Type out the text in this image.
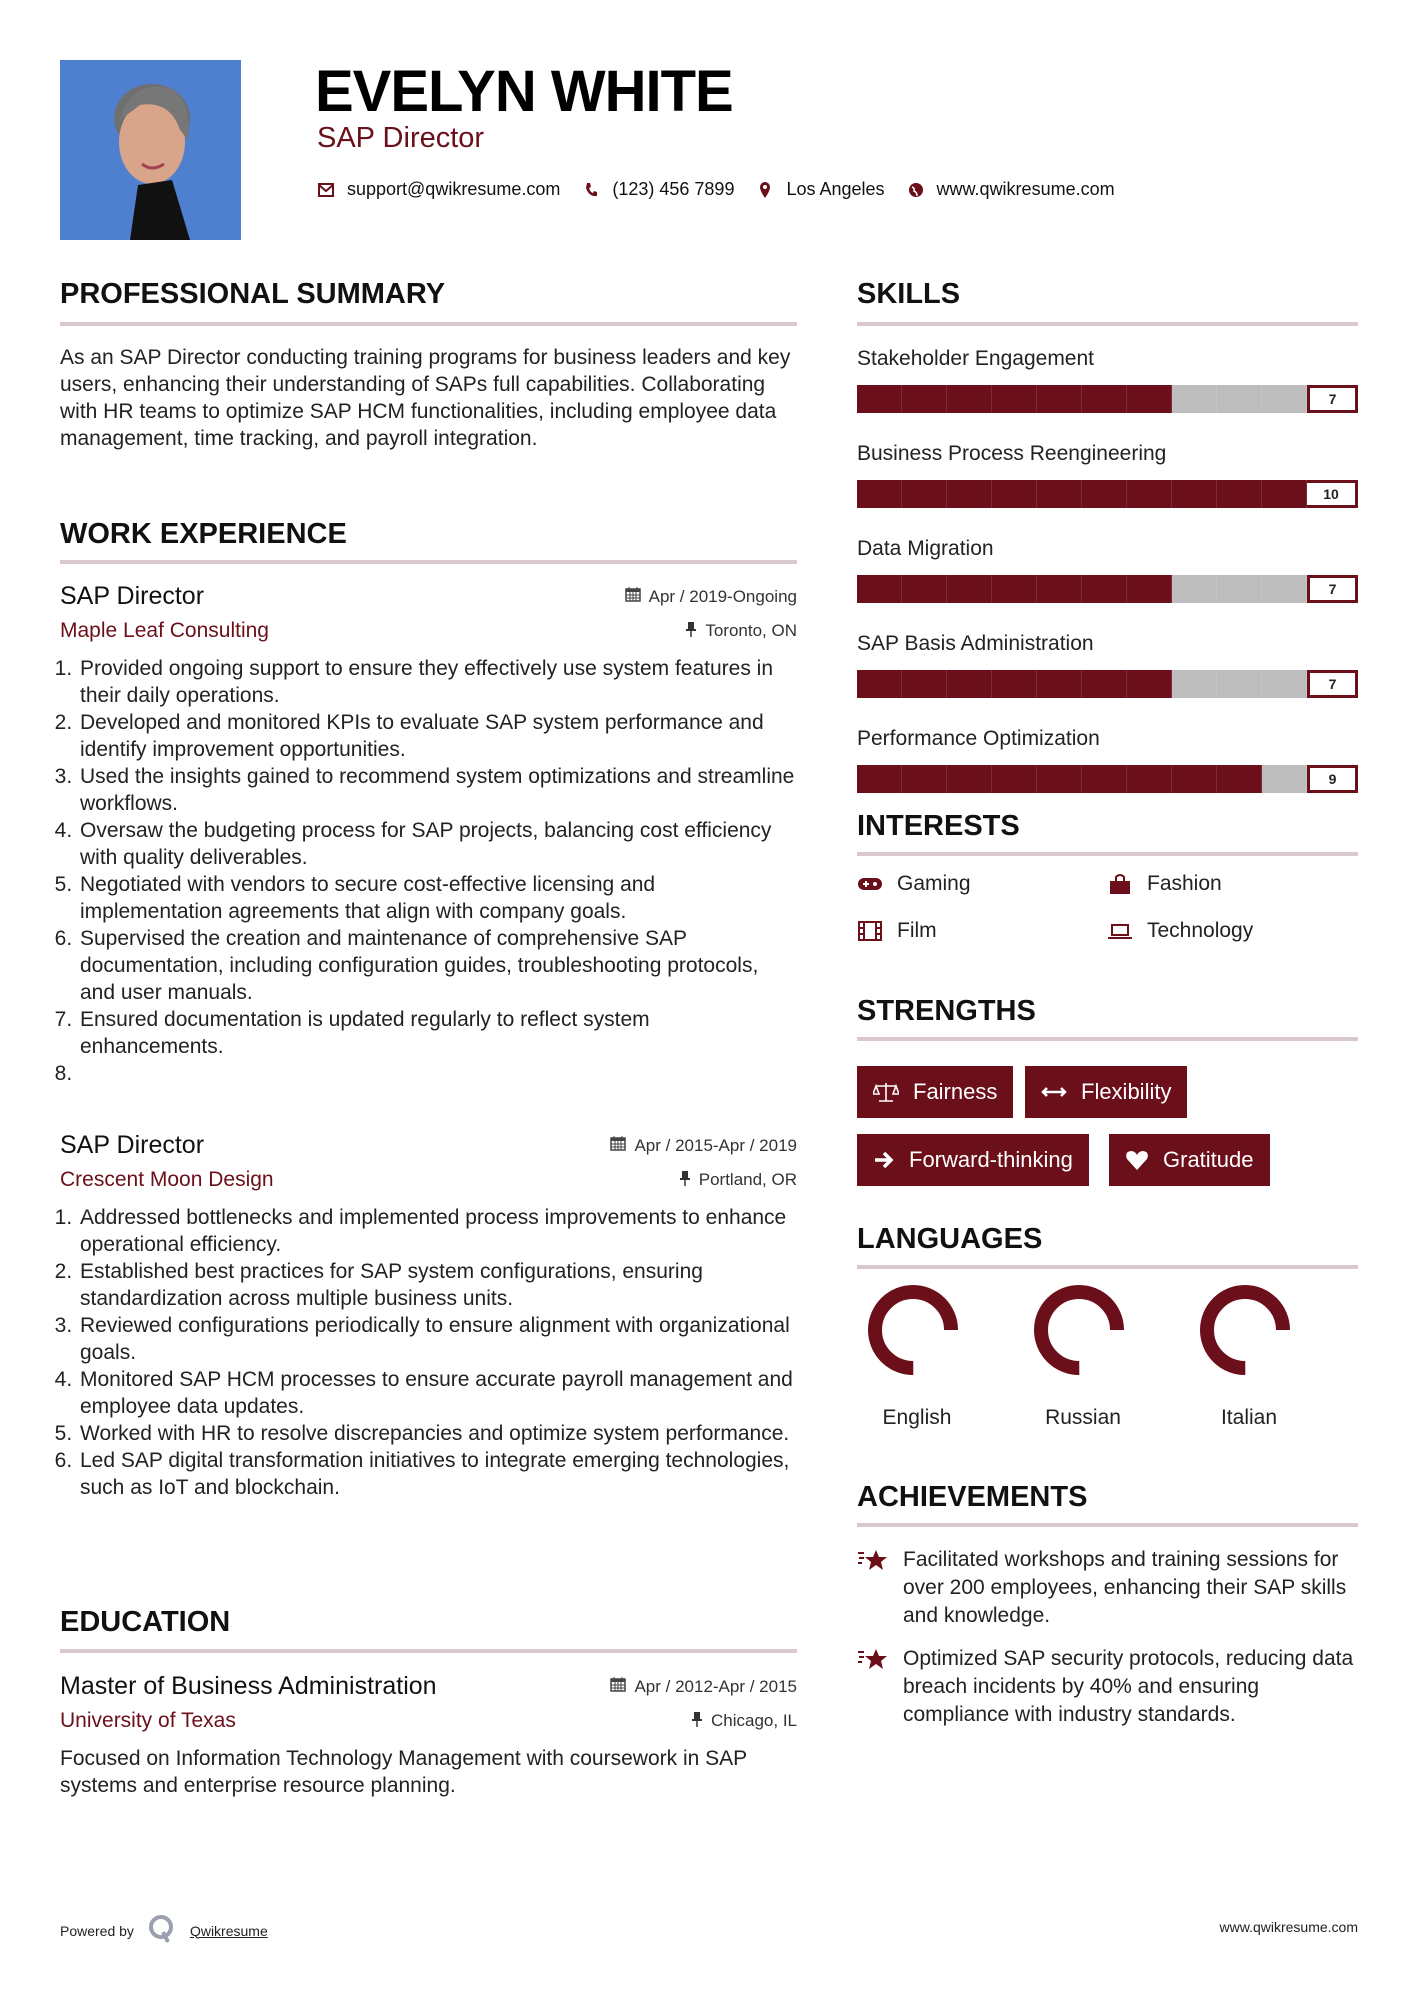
EVELYN WHITE
SAP Director
support@qwikresume.com	(123) 456 7899	Los Angeles	www.qwikresume.com
PROFESSIONAL SUMMARY
As an SAP Director conducting training programs for business leaders and key users, enhancing their understanding of SAPs full capabilities. Collaborating with HR teams to optimize SAP HCM functionalities, including employee data management, time tracking, and payroll integration.
WORK EXPERIENCE
SAP Director	Apr / 2019-Ongoing
Maple Leaf Consulting	Toronto, ON
1. Provided ongoing support to ensure they effectively use system features in their daily operations.
2. Developed and monitored KPIs to evaluate SAP system performance and identify improvement opportunities.
3. Used the insights gained to recommend system optimizations and streamline workflows.
4. Oversaw the budgeting process for SAP projects, balancing cost efficiency with quality deliverables.
5. Negotiated with vendors to secure cost-effective licensing and implementation agreements that align with company goals.
6. Supervised the creation and maintenance of comprehensive SAP documentation, including configuration guides, troubleshooting protocols, and user manuals.
7. Ensured documentation is updated regularly to reflect system enhancements.
8.
SAP Director	Apr / 2015-Apr / 2019
Crescent Moon Design	Portland, OR
1. Addressed bottlenecks and implemented process improvements to enhance operational efficiency.
2. Established best practices for SAP system configurations, ensuring standardization across multiple business units.
3. Reviewed configurations periodically to ensure alignment with organizational goals.
4. Monitored SAP HCM processes to ensure accurate payroll management and employee data updates.
5. Worked with HR to resolve discrepancies and optimize system performance.
6. Led SAP digital transformation initiatives to integrate emerging technologies, such as IoT and blockchain.
EDUCATION
Master of Business Administration	Apr / 2012-Apr / 2015
University of Texas	Chicago, IL
Focused on Information Technology Management with coursework in SAP systems and enterprise resource planning.
SKILLS
Stakeholder Engagement
7
Business Process Reengineering
10
Data Migration
7
SAP Basis Administration
7
Performance Optimization
9
INTERESTS
Gaming	Fashion
Film	Technology
STRENGTHS
Fairness	Flexibility
Forward-thinking	Gratitude
LANGUAGES
English	Russian	Italian
ACHIEVEMENTS
Facilitated workshops and training sessions for over 200 employees, enhancing their SAP skills and knowledge.
Optimized SAP security protocols, reducing data breach incidents by 40% and ensuring compliance with industry standards.
Powered by	Qwikresume	www.qwikresume.com
